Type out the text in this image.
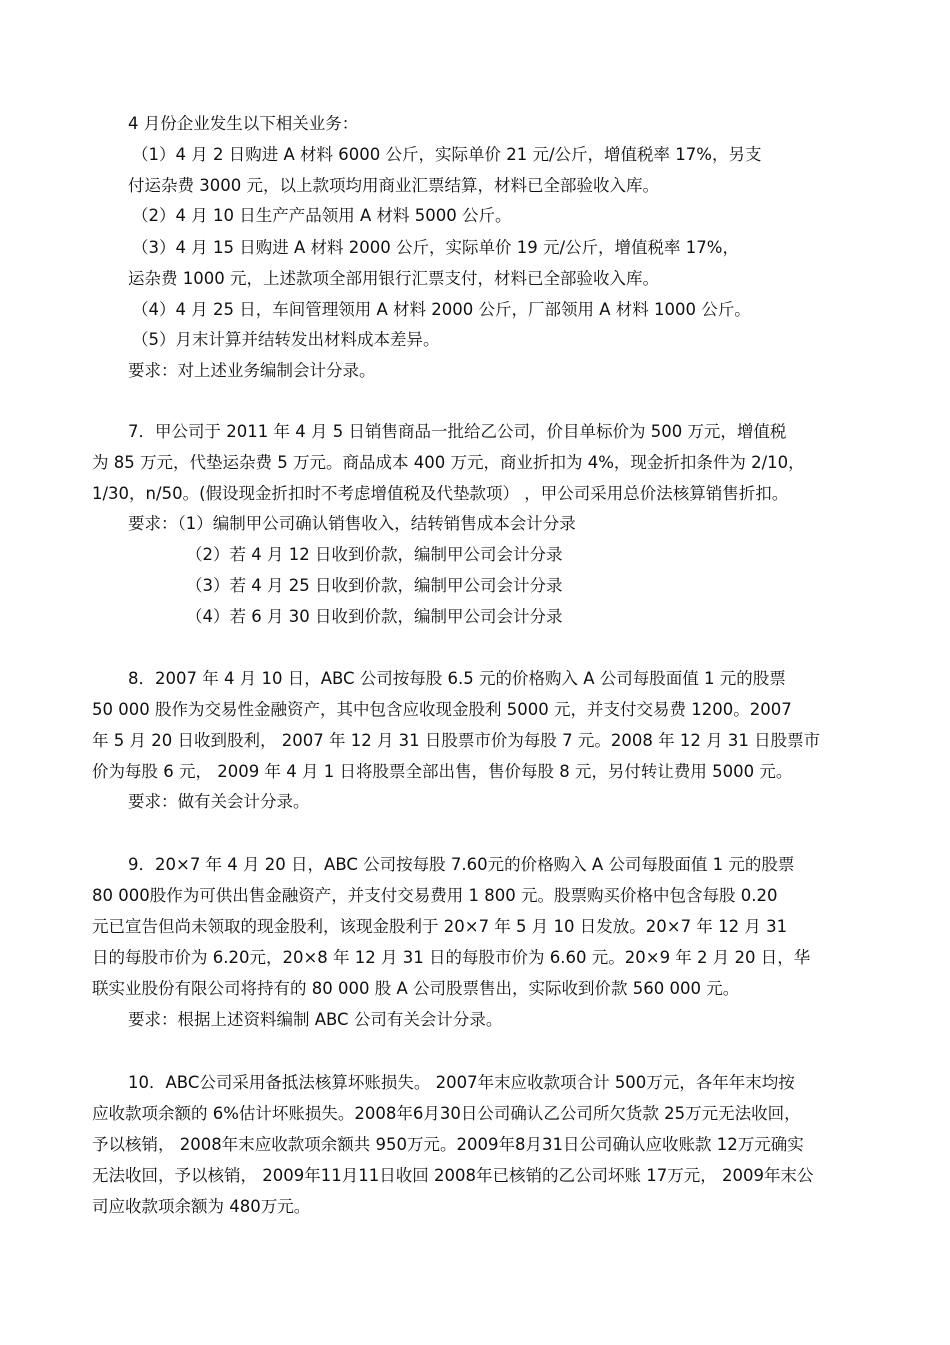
4 月份企业发生以下相关业务：
（1）4 月 2 日购进 A 材料 6000 公斤，实际单价 21 元/公斤，增值税率 17%，另支
付运杂费 3000 元，以上款项均用商业汇票结算，材料已全部验收入库。
（2）4 月 10 日生产产品领用 A 材料 5000 公斤。
（3）4 月 15 日购进 A 材料 2000 公斤，实际单价 19 元/公斤，增值税率 17%，
运杂费 1000 元，上述款项全部用银行汇票支付，材料已全部验收入库。
（4）4 月 25 日，车间管理领用 A 材料 2000 公斤，厂部领用 A 材料 1000 公斤。
（5）月末计算并结转发出材料成本差异。
要求：对上述业务编制会计分录。
7．甲公司于 2011 年 4 月 5 日销售商品一批给乙公司，价目单标价为 500 万元，增值税
为 85 万元，代垫运杂费 5 万元。商品成本 400 万元，商业折扣为 4%，现金折扣条件为 2/10，
1/30，n/50。(假设现金折扣时不考虑增值税及代垫款项） ，甲公司采用总价法核算销售折扣。
要求：（1）编制甲公司确认销售收入，结转销售成本会计分录
（2）若 4 月 12 日收到价款，编制甲公司会计分录
（3）若 4 月 25 日收到价款，编制甲公司会计分录
（4）若 6 月 30 日收到价款，编制甲公司会计分录
8．2007 年 4 月 10 日，ABC 公司按每股 6.5 元的价格购入 A 公司每股面值 1 元的股票
50 000 股作为交易性金融资产，其中包含应收现金股利 5000 元，并支付交易费 1200。2007
年 5 月 20 日收到股利， 2007 年 12 月 31 日股票市价为每股 7 元。2008 年 12 月 31 日股票市
价为每股 6 元， 2009 年 4 月 1 日将股票全部出售，售价每股 8 元，另付转让费用 5000 元。
要求：做有关会计分录。
9．20×7 年 4 月 20 日，ABC 公司按每股 7.60元的价格购入 A 公司每股面值 1 元的股票
80 000股作为可供出售金融资产，并支付交易费用 1 800 元。股票购买价格中包含每股 0.20
元已宣告但尚未领取的现金股利，该现金股利于 20×7 年 5 月 10 日发放。20×7 年 12 月 31
日的每股市价为 6.20元，20×8 年 12 月 31 日的每股市价为 6.60 元。20×9 年 2 月 20 日，华
联实业股份有限公司将持有的 80 000 股 A 公司股票售出，实际收到价款 560 000 元。
要求：根据上述资料编制 ABC 公司有关会计分录。
10．ABC公司采用备抵法核算坏账损失。 2007年末应收款项合计 500万元，各年年末均按
应收款项余额的 6%估计坏账损失。2008年6月30日公司确认乙公司所欠货款 25万元无法收回，
予以核销， 2008年末应收款项余额共 950万元。2009年8月31日公司确认应收账款 12万元确实
无法收回，予以核销， 2009年11月11日收回 2008年已核销的乙公司坏账 17万元， 2009年末公
司应收款项余额为 480万元。
